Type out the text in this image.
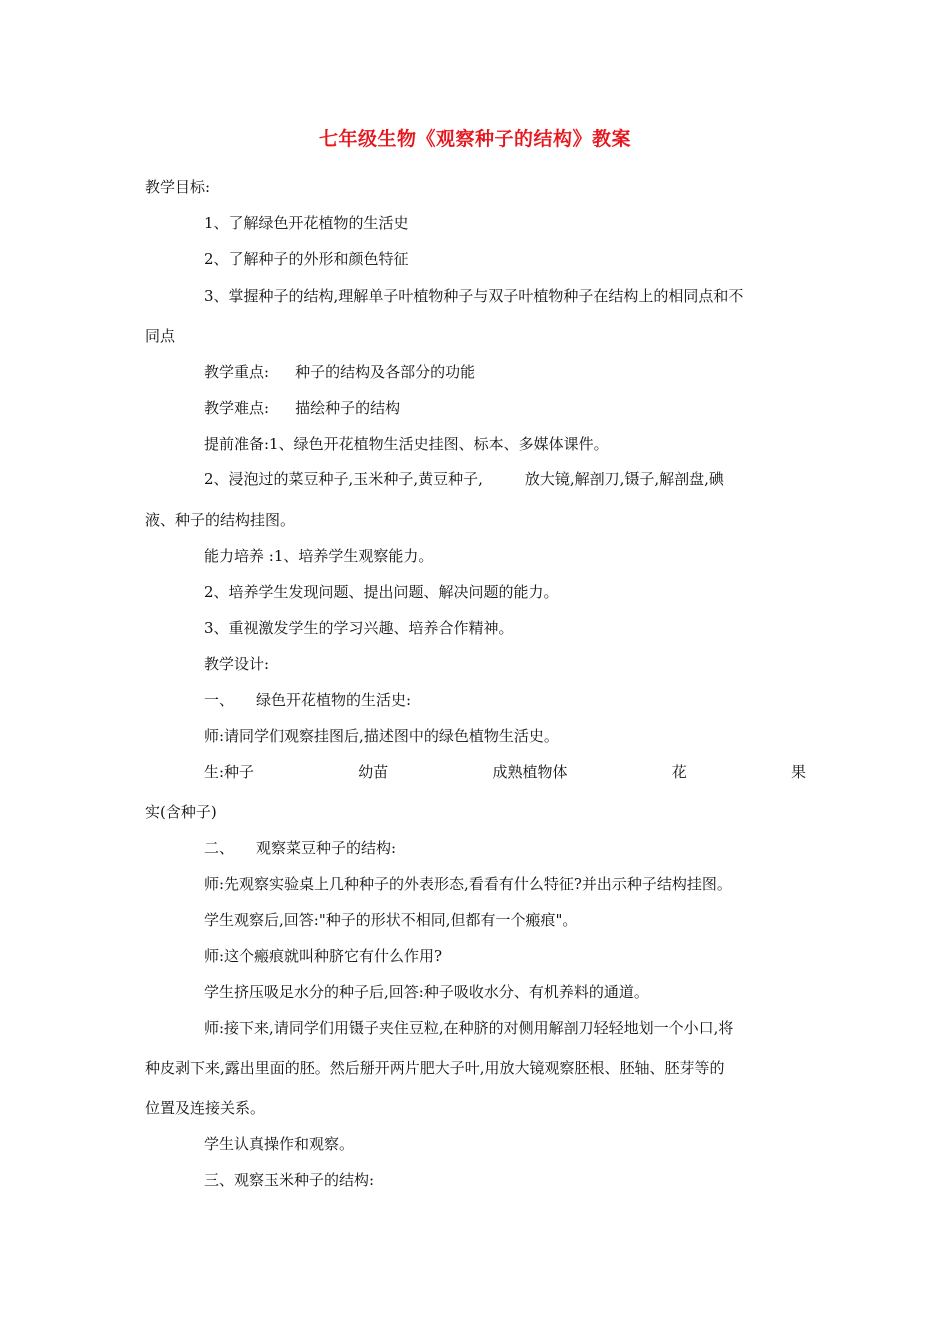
七年级生物《观察种子的结构》教案
教学目标:
1、了解绿色开花植物的生活史
2、了解种子的外形和颜色特征
3、掌握种子的结构,理解单子叶植物种子与双子叶植物种子在结构上的相同点和不
同点
教学重点: 种子的结构及各部分的功能
教学难点: 描绘种子的结构
提前准备:1、绿色开花植物生活史挂图、标本、多媒体课件。
2、浸泡过的菜豆种子,玉米种子,黄豆种子,	放大镜,解剖刀,镊子,解剖盘,碘
液、种子的结构挂图。
能力培养 :1、培养学生观察能力。
2、培养学生发现问题、提出问题、解决问题的能力。
3、重视激发学生的学习兴趣、培养合作精神。
教学设计:
一、 绿色开花植物的生活史:
师:请同学们观察挂图后,描述图中的绿色植物生活史。
生:种子	幼苗	成熟植物体	花	果
实(含种子)
二、 观察菜豆种子的结构:
师:先观察实验桌上几种种子的外表形态,看看有什么特征?并出示种子结构挂图。
学生观察后,回答:"种子的形状不相同,但都有一个瘢痕"。
师:这个瘢痕就叫种脐它有什么作用?
学生挤压吸足水分的种子后,回答:种子吸收水分、有机养料的通道。
师:接下来,请同学们用镊子夹住豆粒,在种脐的对侧用解剖刀轻轻地划一个小口,将
种皮剥下来,露出里面的胚。然后掰开两片肥大子叶,用放大镜观察胚根、胚轴、胚芽等的
位置及连接关系。
学生认真操作和观察。
三、观察玉米种子的结构:
